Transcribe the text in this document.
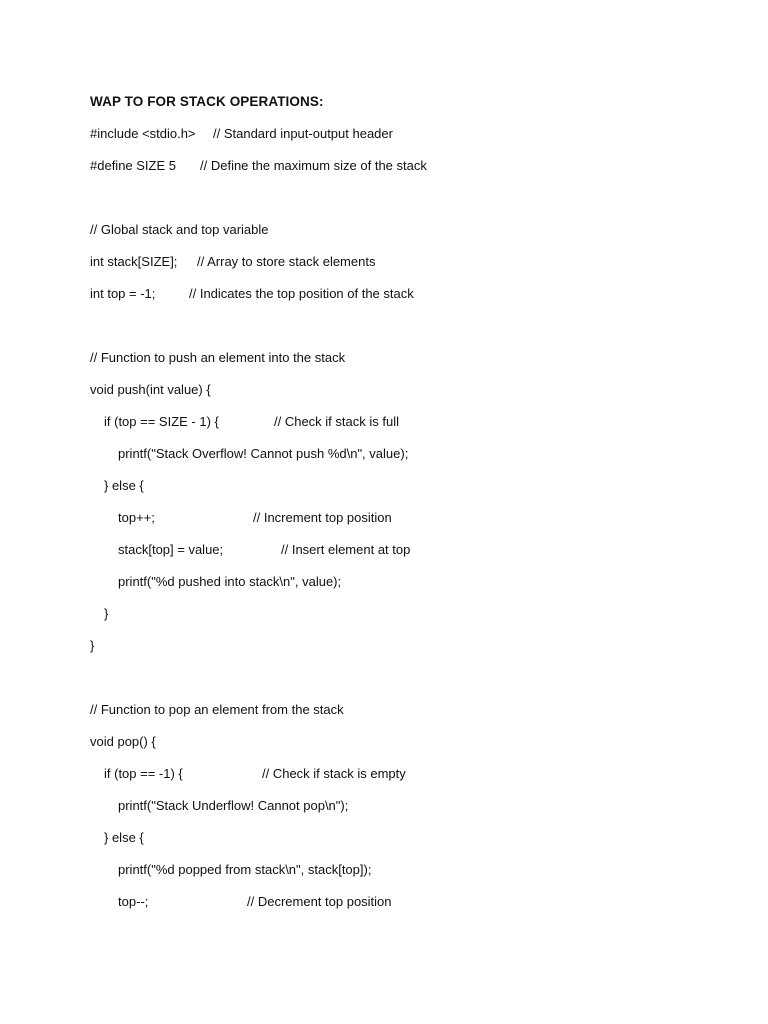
WAP TO FOR STACK OPERATIONS:
#include <stdio.h> // Standard input-output header
#define SIZE 5 // Define the maximum size of the stack
// Global stack and top variable
int stack[SIZE]; // Array to store stack elements
int top = -1;	// Indicates the top position of the stack
// Function to push an element into the stack
void push(int value) {
if (top == SIZE - 1) {	// Check if stack is full
printf("Stack Overflow! Cannot push %d\n", value);
} else {
top++;	// Increment top position
stack[top] = value;	// Insert element at top
printf("%d pushed into stack\n", value);
}
}
// Function to pop an element from the stack
void pop() {
if (top == -1) {	// Check if stack is empty
printf("Stack Underflow! Cannot pop\n");
} else {
printf("%d popped from stack\n", stack[top]);
top--;	// Decrement top position
